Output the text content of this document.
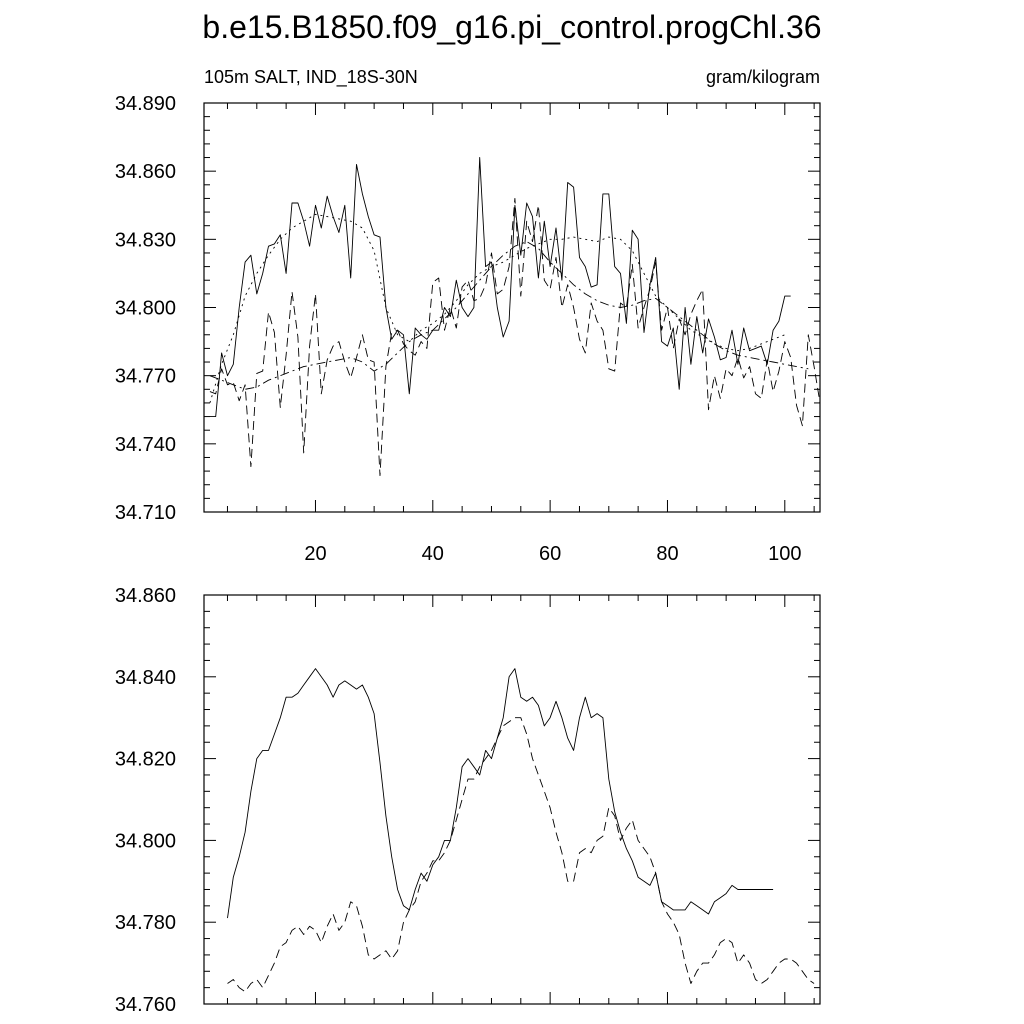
b.e15.B1850.f09_g16.pi_control.progChl.36
34.710
34.740
34.770
34.800
34.830
34.860
34.890
20	40	60	80	100
105m SALT, IND_18S-30N	gram/kilogram
34.760
34.780
34.800
34.820
34.840
34.860
